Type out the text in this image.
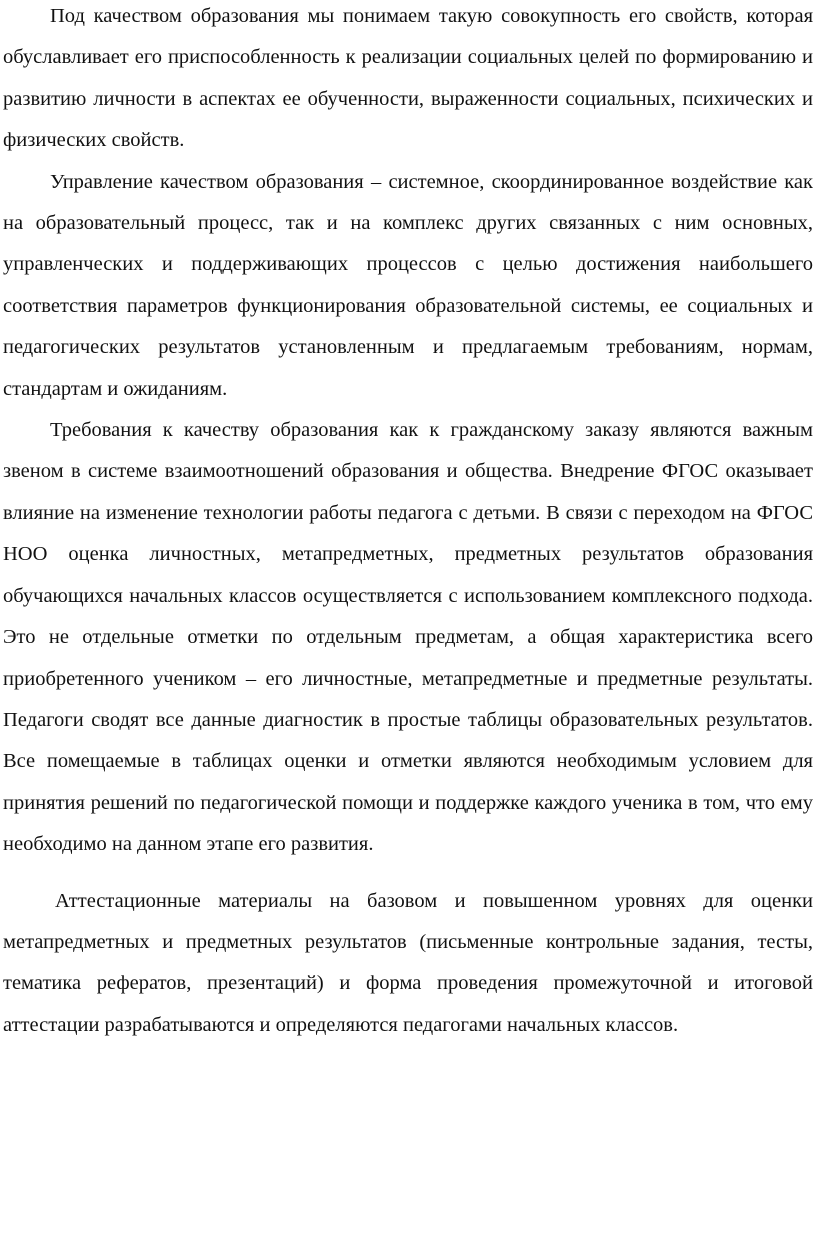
Под качеством образования мы понимаем такую совокупность его свойств, которая обуславливает его приспособленность к реализации социальных целей по формированию и развитию личности в аспектах ее обученности, выраженности социальных, психических и физических свойств.

Управление качеством образования – системное, скоординированное воздействие как на образовательный процесс, так и на комплекс других связанных с ним основных, управленческих и поддерживающих процессов с целью достижения наибольшего соответствия параметров функционирования образовательной системы, ее социальных и педагогических результатов установленным и предлагаемым требованиям, нормам, стандартам и ожиданиям.

Требования к качеству образования как к гражданскому заказу являются важным звеном в системе взаимоотношений образования и общества. Внедрение ФГОС оказывает влияние на изменение технологии работы педагога с детьми. В связи с переходом на ФГОС НОО оценка личностных, метапредметных, предметных результатов образования обучающихся начальных классов осуществляется с использованием комплексного подхода. Это не отдельные отметки по отдельным предметам, а общая характеристика всего приобретенного учеником – его личностные, метапредметные и предметные результаты. Педагоги сводят все данные диагностик в простые таблицы образовательных результатов. Все помещаемые в таблицах оценки и отметки являются необходимым условием для принятия решений по педагогической помощи и поддержке каждого ученика в том, что ему необходимо на данном этапе его развития.

Аттестационные материалы на базовом и повышенном уровнях для оценки метапредметных и предметных результатов (письменные контрольные задания, тесты, тематика рефератов, презентаций) и форма проведения промежуточной и итоговой аттестации разрабатываются и определяются педагогами начальных классов.
